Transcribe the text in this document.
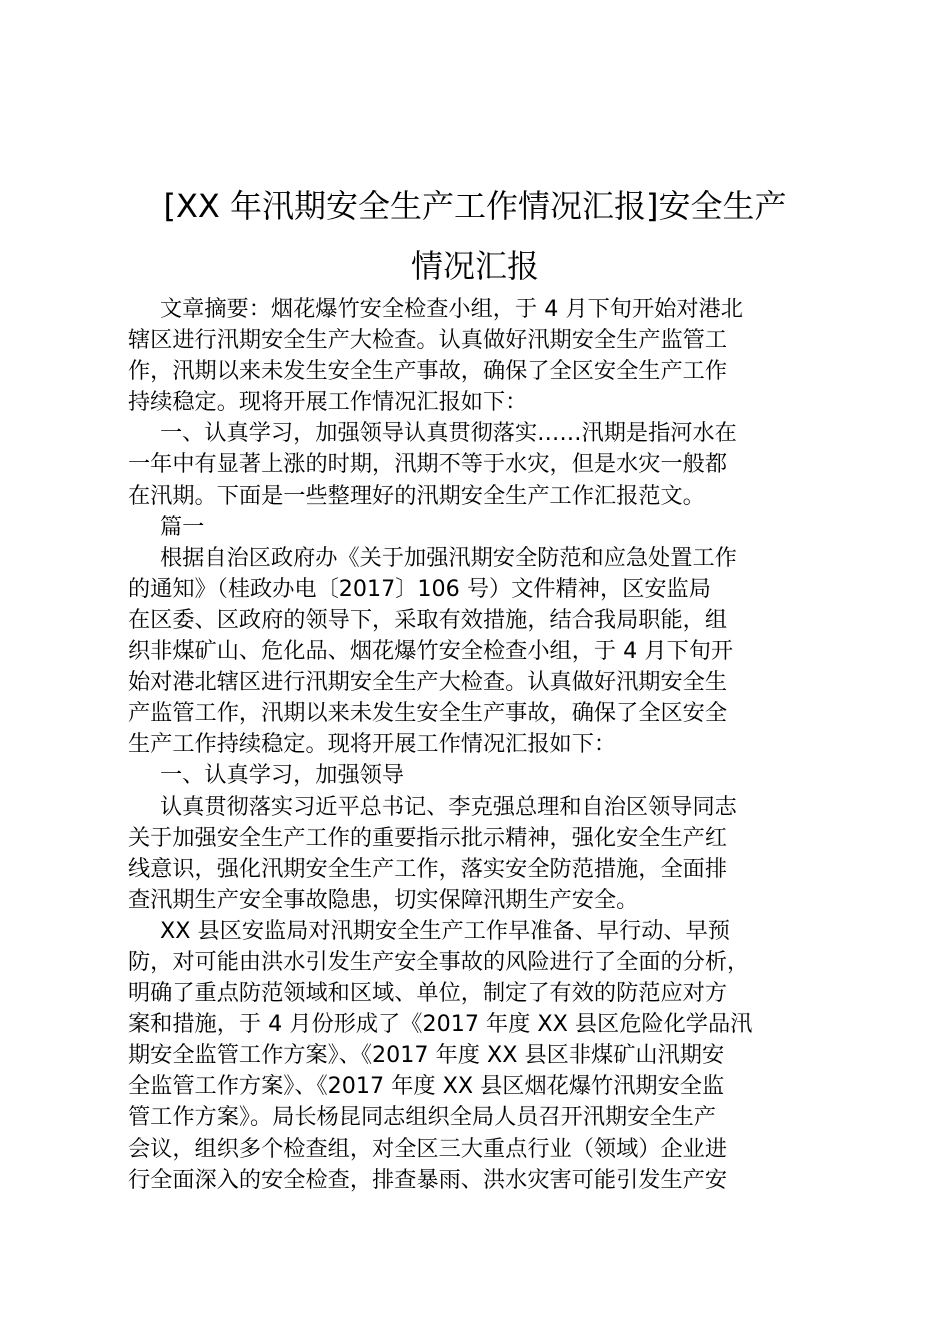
[XX 年汛期安全生产工作情况汇报]安全生产
情况汇报

文章摘要：烟花爆竹安全检查小组，于 4 月下旬开始对港北

辖区进行汛期安全生产大检查。认真做好汛期安全生产监管工

作，汛期以来未发生安全生产事故，确保了全区安全生产工作

持续稳定。现将开展工作情况汇报如下：

一、认真学习，加强领导认真贯彻落实……汛期是指河水在

一年中有显著上涨的时期，汛期不等于水灾，但是水灾一般都

在汛期。下面是一些整理好的汛期安全生产工作汇报范文。

篇一

根据自治区政府办《关于加强汛期安全防范和应急处置工作

的通知》（桂政办电〔2017〕106 号）文件精神，区安监局

在区委、区政府的领导下，采取有效措施，结合我局职能，组

织非煤矿山、危化品、烟花爆竹安全检查小组，于 4 月下旬开

始对港北辖区进行汛期安全生产大检查。认真做好汛期安全生

产监管工作，汛期以来未发生安全生产事故，确保了全区安全

生产工作持续稳定。现将开展工作情况汇报如下：

一、认真学习，加强领导

认真贯彻落实习近平总书记、李克强总理和自治区领导同志

关于加强安全生产工作的重要指示批示精神，强化安全生产红

线意识，强化汛期安全生产工作，落实安全防范措施，全面排

查汛期生产安全事故隐患，切实保障汛期生产安全。

XX 县区安监局对汛期安全生产工作早准备、早行动、早预

防，对可能由洪水引发生产安全事故的风险进行了全面的分析，

明确了重点防范领域和区域、单位，制定了有效的防范应对方

案和措施，于 4 月份形成了《2017 年度 XX 县区危险化学品汛

期安全监管工作方案》、《2017 年度 XX 县区非煤矿山汛期安

全监管工作方案》、《2017 年度 XX 县区烟花爆竹汛期安全监

管工作方案》。局长杨昆同志组织全局人员召开汛期安全生产

会议，组织多个检查组，对全区三大重点行业（领域）企业进

行全面深入的安全检查，排查暴雨、洪水灾害可能引发生产安
